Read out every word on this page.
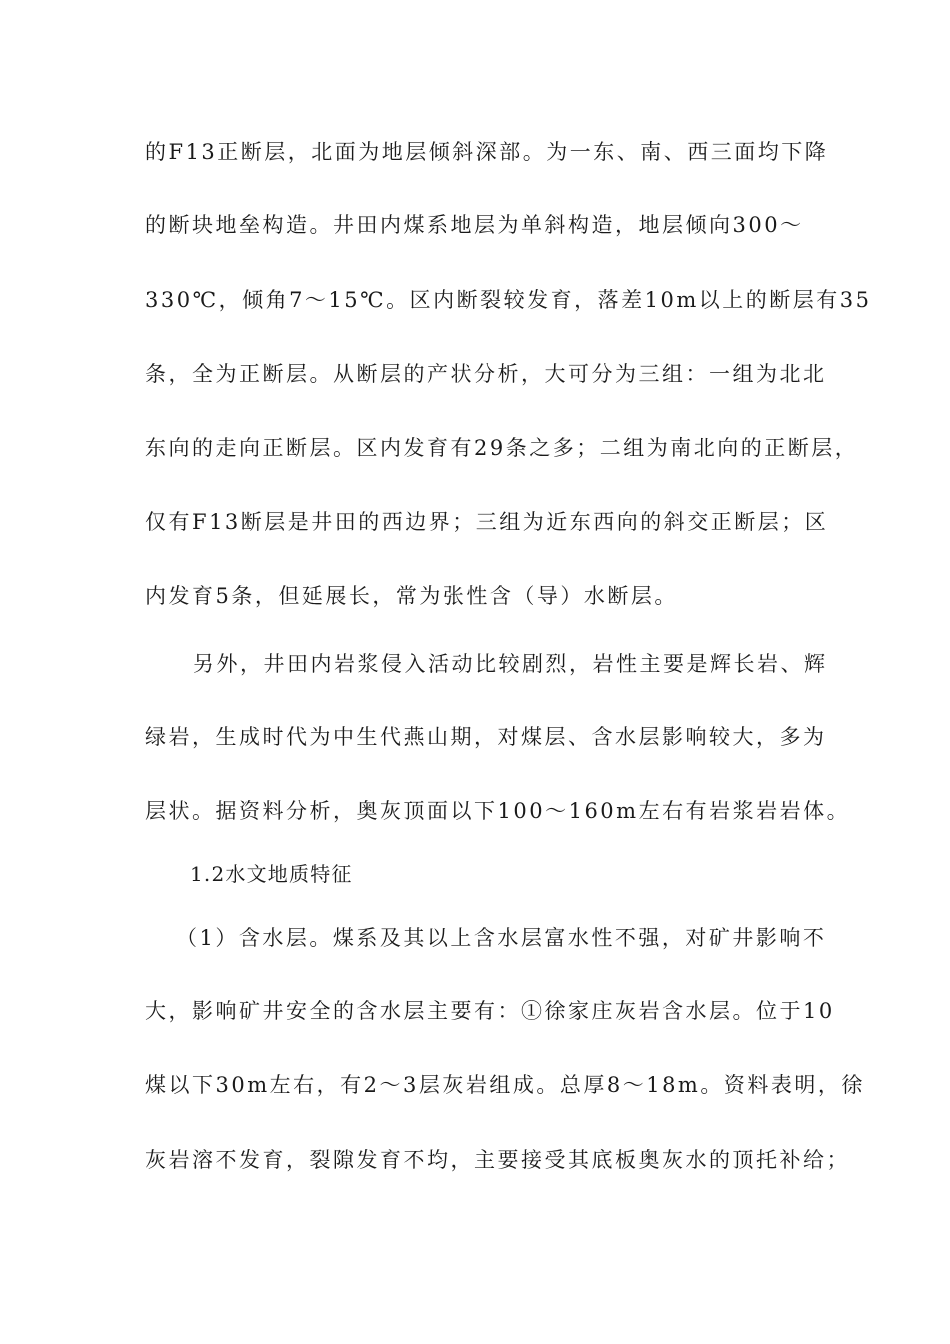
的F13正断层，北面为地层倾斜深部。为一东、南、西三面均下降
的断块地垒构造。井田内煤系地层为单斜构造，地层倾向300～
330℃，倾角7～15℃。区内断裂较发育，落差10m以上的断层有35
条，全为正断层。从断层的产状分析，大可分为三组：一组为北北
东向的走向正断层。区内发育有29条之多；二组为南北向的正断层，
仅有F13断层是井田的西边界；三组为近东西向的斜交正断层；区
内发育5条，但延展长，常为张性含（导）水断层。
另外，井田内岩浆侵入活动比较剧烈，岩性主要是辉长岩、辉
绿岩，生成时代为中生代燕山期，对煤层、含水层影响较大，多为
层状。据资料分析，奥灰顶面以下100～160m左右有岩浆岩岩体。
1.2水文地质特征
（1）含水层。煤系及其以上含水层富水性不强，对矿井影响不
大，影响矿井安全的含水层主要有：①徐家庄灰岩含水层。位于10
煤以下30m左右，有2～3层灰岩组成。总厚8～18m。资料表明，徐
灰岩溶不发育，裂隙发育不均，主要接受其底板奥灰水的顶托补给；
